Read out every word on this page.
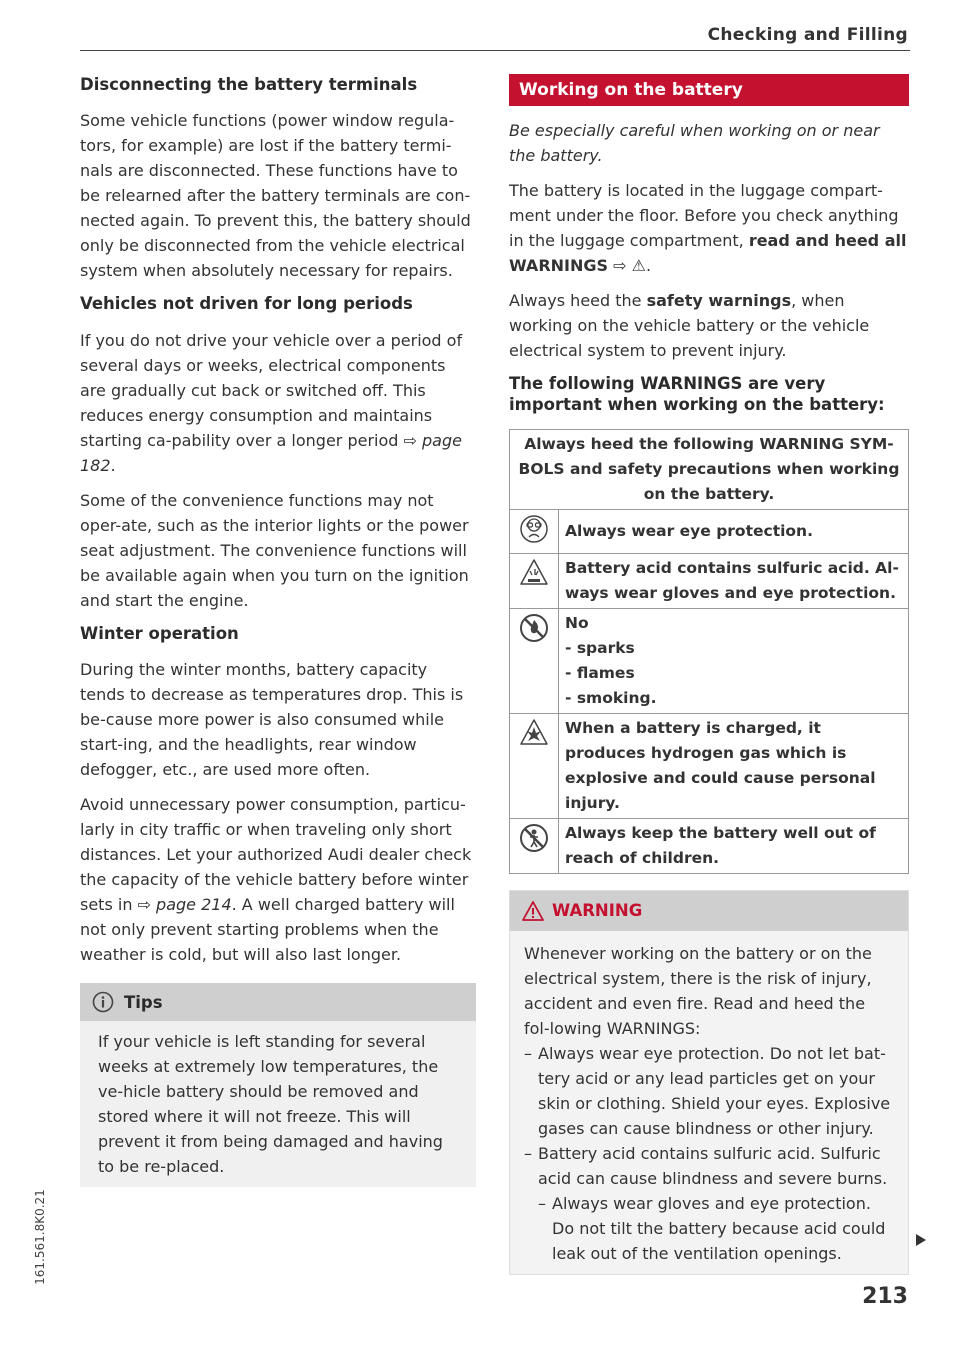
Checking and Filling
161.561.8K0.21
Disconnecting the battery terminals

Some vehicle functions (power window regula-tors, for example) are lost if the battery termi-nals are disconnected. These functions have to be relearned after the battery terminals are con-nected again. To prevent this, the battery should only be disconnected from the vehicle electrical system when absolutely necessary for repairs.

Vehicles not driven for long periods

If you do not drive your vehicle over a period of several days or weeks, electrical components are gradually cut back or switched off. This reduces energy consumption and maintains starting ca-pability over a longer period ⇨ page 182.

Some of the convenience functions may not oper-ate, such as the interior lights or the power seat adjustment. The convenience functions will be available again when you turn on the ignition and start the engine.

Winter operation

During the winter months, battery capacity tends to decrease as temperatures drop. This is be-cause more power is also consumed while start-ing, and the headlights, rear window defogger, etc., are used more often.

Avoid unnecessary power consumption, particu-larly in city traffic or when traveling only short distances. Let your authorized Audi dealer check the capacity of the vehicle battery before winter sets in ⇨ page 214. A well charged battery will not only prevent starting problems when the weather is cold, but will also last longer.

Tips
If your vehicle is left standing for several weeks at extremely low temperatures, the ve-hicle battery should be removed and stored where it will not freeze. This will prevent it from being damaged and having to be re-placed.
Working on the battery

Be especially careful when working on or near the battery.

The battery is located in the luggage compart-ment under the floor. Before you check anything in the luggage compartment, read and heed all WARNINGS ⇨ ⚠.

Always heed the safety warnings, when working on the vehicle battery or the vehicle electrical system to prevent injury.

The following WARNINGS are very important when working on the battery:
Always heed the following WARNING SYM-BOLS and safety precautions when working on the battery.	
	Always wear eye protection.
	Battery acid contains sulfuric acid. Al-ways wear gloves and eye protection.

No
- sparks
- flames
- smoking.

	When a battery is charged, it produces hydrogen gas which is explosive and could cause personal injury.
	Always keep the battery well out of reach of children.
WARNING
Whenever working on the battery or on the electrical system, there is the risk of injury, accident and even fire. Read and heed the fol-lowing WARNINGS:
– Always wear eye protection. Do not let bat-tery acid or any lead particles get on your skin or clothing. Shield your eyes. Explosive gases can cause blindness or other injury.
– Battery acid contains sulfuric acid. Sulfuric acid can cause blindness and severe burns.
– Always wear gloves and eye protection. Do not tilt the battery because acid could leak out of the ventilation openings.
213
